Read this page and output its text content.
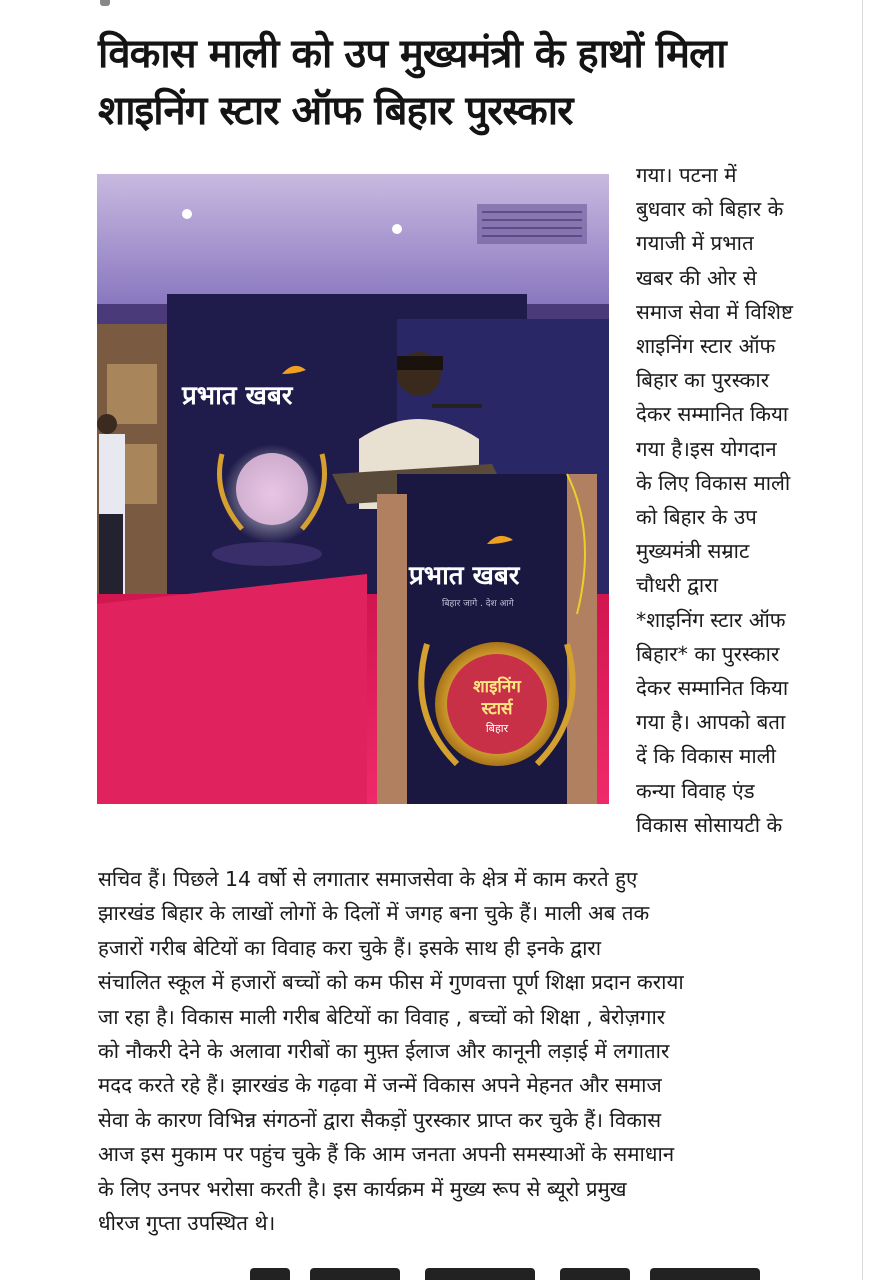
विकास माली को उप मुख्यमंत्री के हाथों मिला
शाइनिंग स्टार ऑफ बिहार पुरस्कार
प्रभात खबर
प्रभात खबर
बिहार जागे . देश आगे
शाइनिंग
स्टार्स
बिहार
गया। पटना में
बुधवार को बिहार के
गयाजी में प्रभात
खबर की ओर से
समाज सेवा में विशिष्ट
शाइनिंग स्टार ऑफ
बिहार का पुरस्कार
देकर सम्मानित किया
गया है।इस योगदान
के लिए विकास माली
को बिहार के उप
मुख्यमंत्री सम्राट
चौधरी द्वारा
*शाइनिंग स्टार ऑफ
बिहार* का पुरस्कार
देकर सम्मानित किया
गया है। आपको बता
दें कि विकास माली
कन्या विवाह एंड
विकास सोसायटी के
सचिव हैं। पिछले 14 वर्षो से लगातार समाजसेवा के क्षेत्र में काम करते हुए
झारखंड बिहार के लाखों लोगों के दिलों में जगह बना चुके हैं। माली अब तक
हजारों गरीब बेटियों का विवाह करा चुके हैं। इसके साथ ही इनके द्वारा
संचालित स्कूल में हजारों बच्चों को कम फीस में गुणवत्ता पूर्ण शिक्षा प्रदान कराया
जा रहा है। विकास माली गरीब बेटियों का विवाह , बच्चों को शिक्षा , बेरोज़गार
को नौकरी देने के अलावा गरीबों का मुफ़्त ईलाज और कानूनी लड़ाई में लगातार
मदद करते रहे हैं। झारखंड के गढ़वा में जन्में विकास अपने मेहनत और समाज
सेवा के कारण विभिन्न संगठनों द्वारा सैकड़ों पुरस्कार प्राप्त कर चुके हैं। विकास
आज इस मुकाम पर पहुंच चुके हैं कि आम जनता अपनी समस्याओं के समाधान
के लिए उनपर भरोसा करती है। इस कार्यक्रम में मुख्य रूप से ब्यूरो प्रमुख
धीरज गुप्ता उपस्थित थे।
